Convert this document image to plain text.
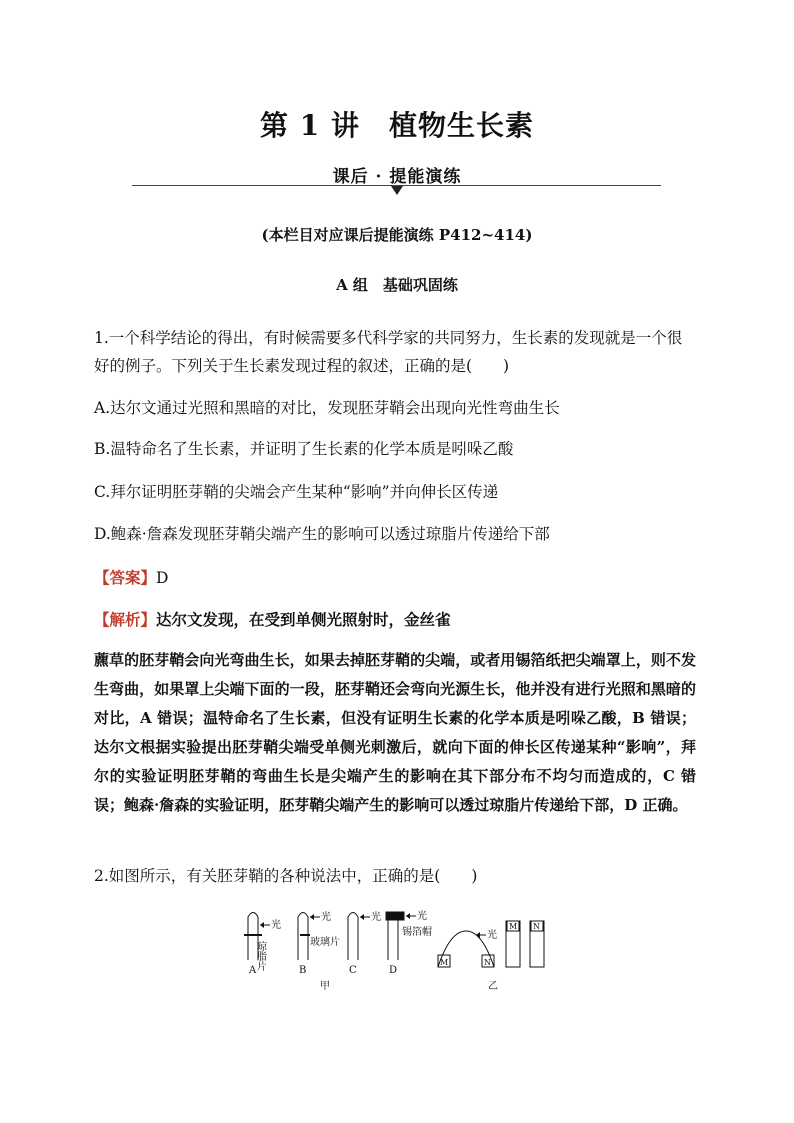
第 1 讲　植物生长素
课后 · 提能演练
(本栏目对应课后提能演练 P412~414)
A 组　基础巩固练
1.一个科学结论的得出，有时候需要多代科学家的共同努力，生长素的发现就是一个很好的例子。下列关于生长素发现过程的叙述，正确的是(　　)
A.达尔文通过光照和黑暗的对比，发现胚芽鞘会出现向光性弯曲生长
B.温特命名了生长素，并证明了生长素的化学本质是吲哚乙酸
C.拜尔证明胚芽鞘的尖端会产生某种“影响”并向伸长区传递
D.鲍森·詹森发现胚芽鞘尖端产生的影响可以透过琼脂片传递给下部
【答案】D
【解析】达尔文发现，在受到单侧光照射时，金丝雀
藨草的胚芽鞘会向光弯曲生长，如果去掉胚芽鞘的尖端，或者用锡箔纸把尖端罩上，则不发生弯曲，如果罩上尖端下面的一段，胚芽鞘还会弯向光源生长，他并没有进行光照和黑暗的对比，A 错误；温特命名了生长素，但没有证明生长素的化学本质是吲哚乙酸，B 错误；达尔文根据实验提出胚芽鞘尖端受单侧光刺激后，就向下面的伸长区传递某种“影响”，拜尔的实验证明胚芽鞘的弯曲生长是尖端产生的影响在其下部分布不均匀而造成的，C 错误；鲍森·詹森的实验证明，胚芽鞘尖端产生的影响可以透过琼脂片传递给下部，D 正确。
2.如图所示，有关胚芽鞘的各种说法中，正确的是(　　)
光
琼脂片
光
玻璃片
光	光
锡箔帽	光
A	B	C	D
M	N
M N
甲	乙
